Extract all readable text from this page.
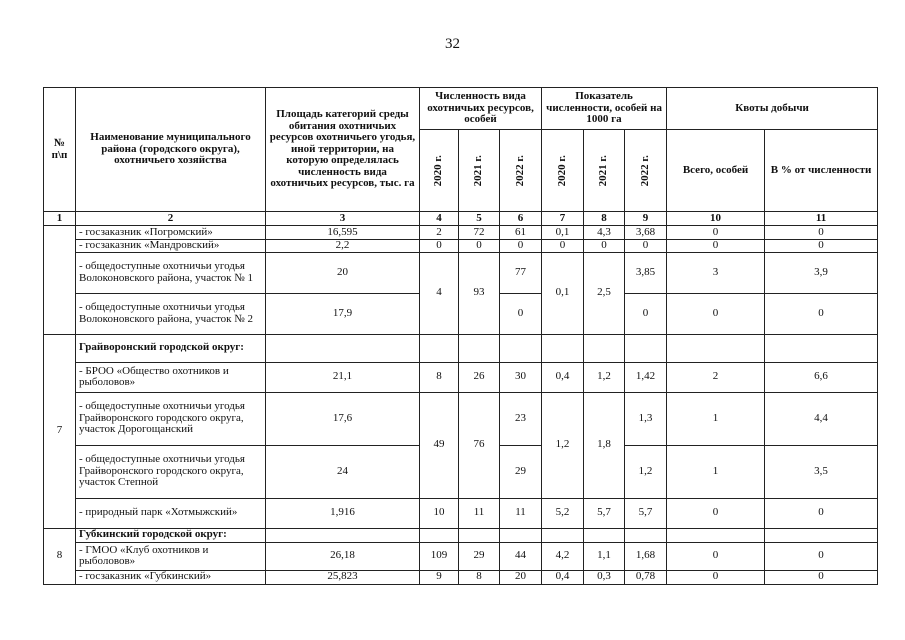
32
№ п\п	Наименование муниципального района (городского округа), охотничьего хозяйства	Площадь категорий среды обитания охотничьих ресурсов охотничьего угодья, иной территории, на которую определялась численность вида охотничьих ресурсов, тыс. га	Численность вида охотничьих ресурсов, особей			Показатель численности, особей на 1000 га			Квоты добычи	
			2020 г.	2021 г.	2022 г.	2020 г.	2021 г.	2022 г.	Всего, особей	В % от численности
1	2	3	4	5	6	7	8	9	10	11
	- госзаказник «Погромский»	16,595	2	72	61	0,1	4,3	3,68	0	0
	- госзаказник «Мандровский»	2,2	0	0	0	0	0	0	0	0
	- общедоступные охотничьи угодья Волоконовского района, участок № 1	20	4	93	77	0,1	2,5	3,85	3	3,9
	- общедоступные охотничьи угодья Волоконовского района, участок № 2	17,9			0			0	0	0
7	Грайворонский городской округ:									
	- БРОО «Общество охотников и рыболовов»	21,1	8	26	30	0,4	1,2	1,42	2	6,6
	- общедоступные охотничьи угодья Грайворонского городского округа, участок Дорогощанский	17,6	49	76	23	1,2	1,8	1,3	1	4,4
	- общедоступные охотничьи угодья Грайворонского городского округа, участок Степной	24			29			1,2	1	3,5
	- природный парк «Хотмыжский»	1,916	10	11	11	5,2	5,7	5,7	0	0
8	Губкинский городской округ:									
	- ГМОО «Клуб охотников и рыболовов»	26,18	109	29	44	4,2	1,1	1,68	0	0
	- госзаказник «Губкинский»	25,823	9	8	20	0,4	0,3	0,78	0	0
